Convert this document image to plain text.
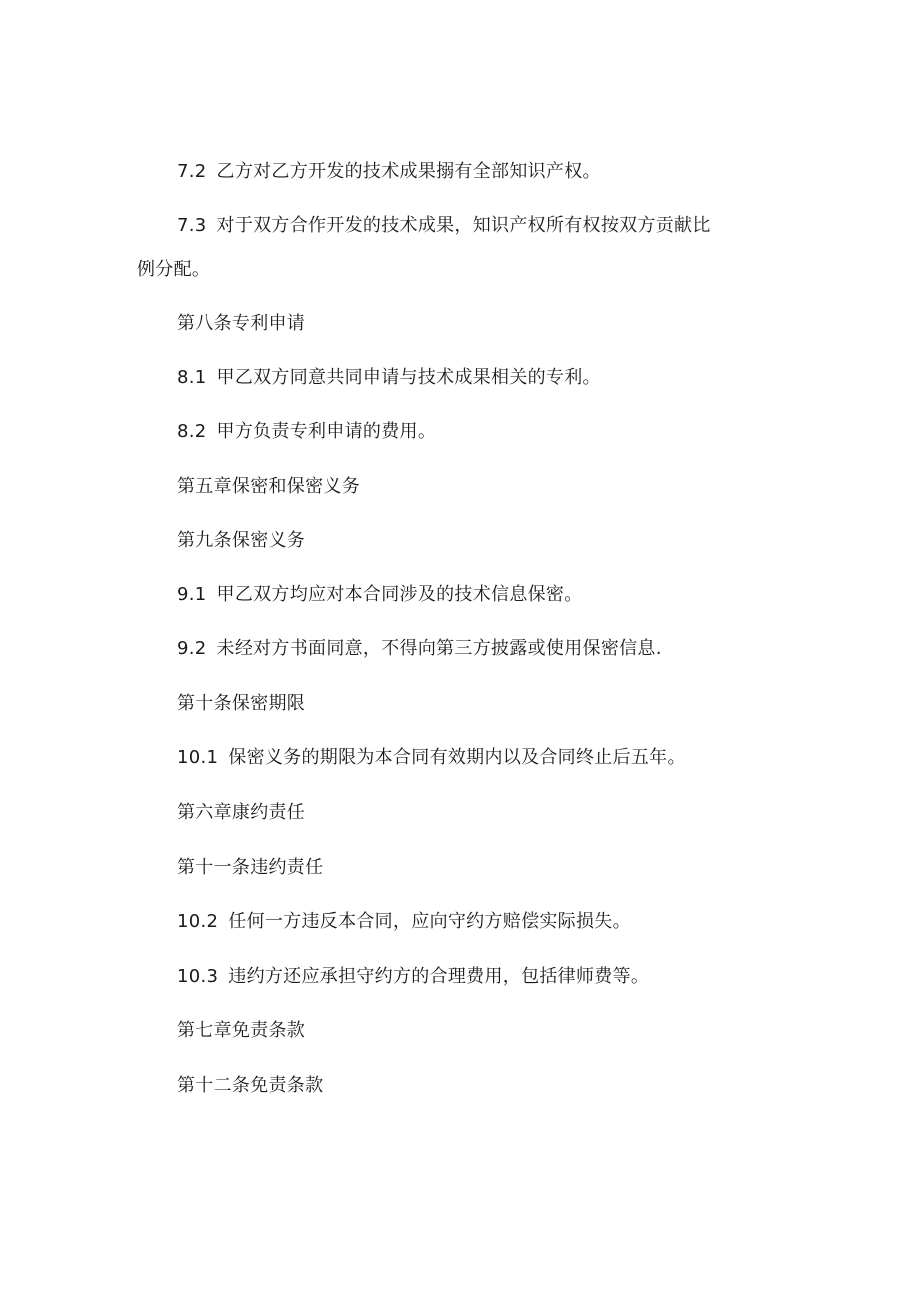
7.2 乙方对乙方开发的技术成果搦有全部知识产权。
7.3 对于双方合作开发的技术成果，知识产权所有权按双方贡献比
例分配。
第八条专利申请
8.1 甲乙双方同意共同申请与技术成果相关的专利。
8.2 甲方负责专利申请的费用。
第五章保密和保密义务
第九条保密义务
9.1 甲乙双方均应对本合同涉及的技术信息保密。
9.2 未经对方书面同意，不得向第三方披露或使用保密信息.
第十条保密期限
10.1 保密义务的期限为本合同有效期内以及合同终止后五年。
第六章康约责任
第十一条违约责任
10.2 任何一方违反本合同，应向守约方赔偿实际损失。
10.3 违约方还应承担守约方的合理费用，包括律师费等。
第七章免责条款
第十二条免责条款
